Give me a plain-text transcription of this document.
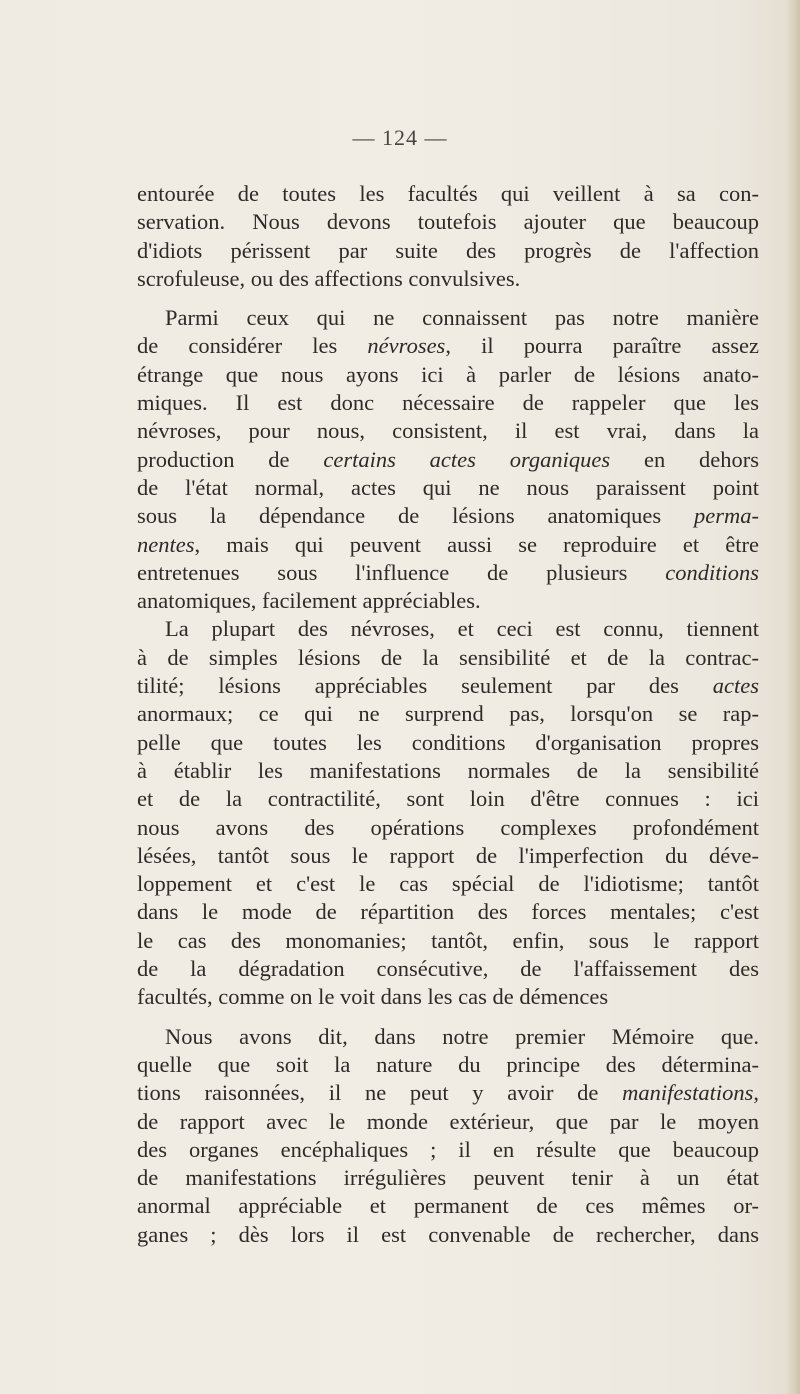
— 124 —
entourée de toutes les facultés qui veillent à sa con-
servation. Nous devons toutefois ajouter que beaucoup
d'idiots périssent par suite des progrès de l'affection
scrofuleuse, ou des affections convulsives.
Parmi ceux qui ne connaissent pas notre manière
de considérer les névroses, il pourra paraître assez
étrange que nous ayons ici à parler de lésions anato-
miques. Il est donc nécessaire de rappeler que les
névroses, pour nous, consistent, il est vrai, dans la
production de certains actes organiques en dehors
de l'état normal, actes qui ne nous paraissent point
sous la dépendance de lésions anatomiques perma-
nentes, mais qui peuvent aussi se reproduire et être
entretenues sous l'influence de plusieurs conditions
anatomiques, facilement appréciables.
La plupart des névroses, et ceci est connu, tiennent
à de simples lésions de la sensibilité et de la contrac-
tilité; lésions appréciables seulement par des actes
anormaux; ce qui ne surprend pas, lorsqu'on se rap-
pelle que toutes les conditions d'organisation propres
à établir les manifestations normales de la sensibilité
et de la contractilité, sont loin d'être connues : ici
nous avons des opérations complexes profondément
lésées, tantôt sous le rapport de l'imperfection du déve-
loppement et c'est le cas spécial de l'idiotisme; tantôt
dans le mode de répartition des forces mentales; c'est
le cas des monomanies; tantôt, enfin, sous le rapport
de la dégradation consécutive, de l'affaissement des
facultés, comme on le voit dans les cas de démences
Nous avons dit, dans notre premier Mémoire que.
quelle que soit la nature du principe des détermina-
tions raisonnées, il ne peut y avoir de manifestations,
de rapport avec le monde extérieur, que par le moyen
des organes encéphaliques ; il en résulte que beaucoup
de manifestations irrégulières peuvent tenir à un état
anormal appréciable et permanent de ces mêmes or-
ganes ; dès lors il est convenable de rechercher, dans
